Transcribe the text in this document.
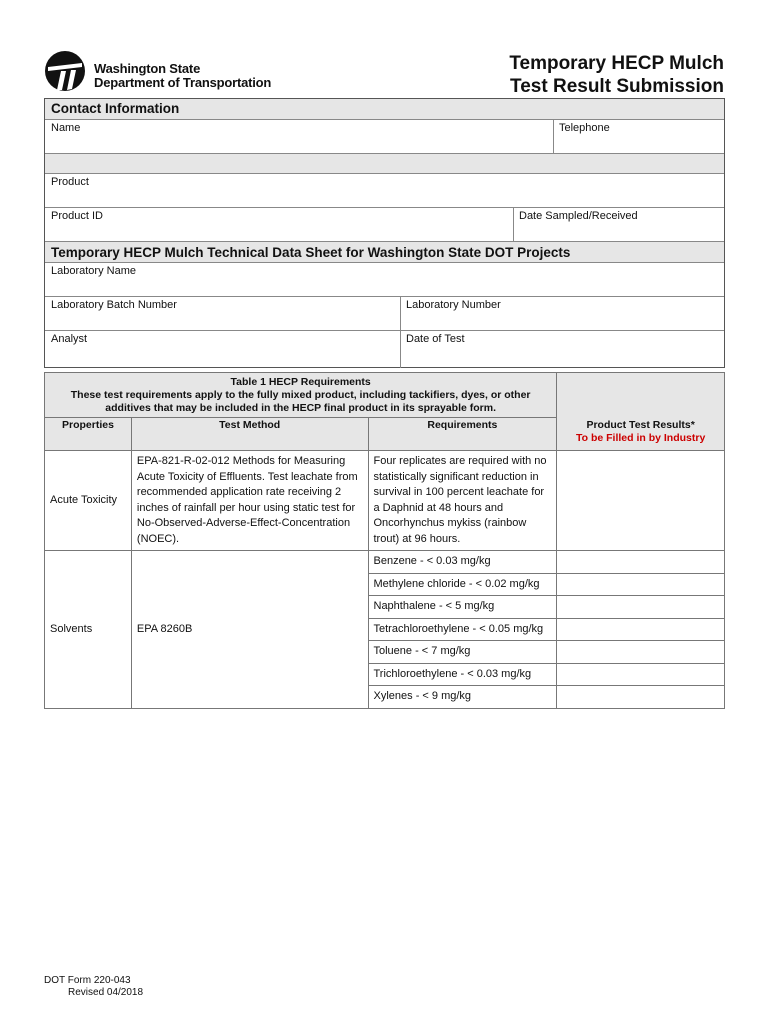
Washington State
Department of Transportation
Temporary HECP Mulch
Test Result Submission
Contact Information
Name	Telephone
Product
Product ID	Date Sampled/Received
Temporary HECP Mulch Technical Data Sheet for Washington State DOT Projects
Laboratory Name
Laboratory Batch Number	Laboratory Number
Analyst	Date of Test
Table 1 HECP Requirements
These test requirements apply to the fully mixed product, including tackifiers, dyes, or other
additives that may be included in the HECP final product in its sprayable form.			

Properties	Test Method	Requirements	Product Test Results*
To be Filled in by Industry

Acute Toxicity	EPA-821-R-02-012 Methods for Measuring Acute Toxicity of Effluents. Test leachate from recommended application rate receiving 2 inches of rainfall per hour using static test for No-Observed-Adverse-Effect-Concentration (NOEC).	Four replicates are required with no statistically significant reduction in survival in 100 percent leachate for a Daphnid at 48 hours and Oncorhynchus mykiss (rainbow trout) at 96 hours.	
Solvents	EPA 8260B	Benzene - < 0.03 mg/kg	
		Methylene chloride - < 0.02 mg/kg	
		Naphthalene - < 5 mg/kg	
		Tetrachloroethylene - < 0.05 mg/kg	
		Toluene - < 7 mg/kg	
		Trichloroethylene - < 0.03 mg/kg	
		Xylenes - < 9 mg/kg	
DOT Form 220-043
Revised 04/2018
